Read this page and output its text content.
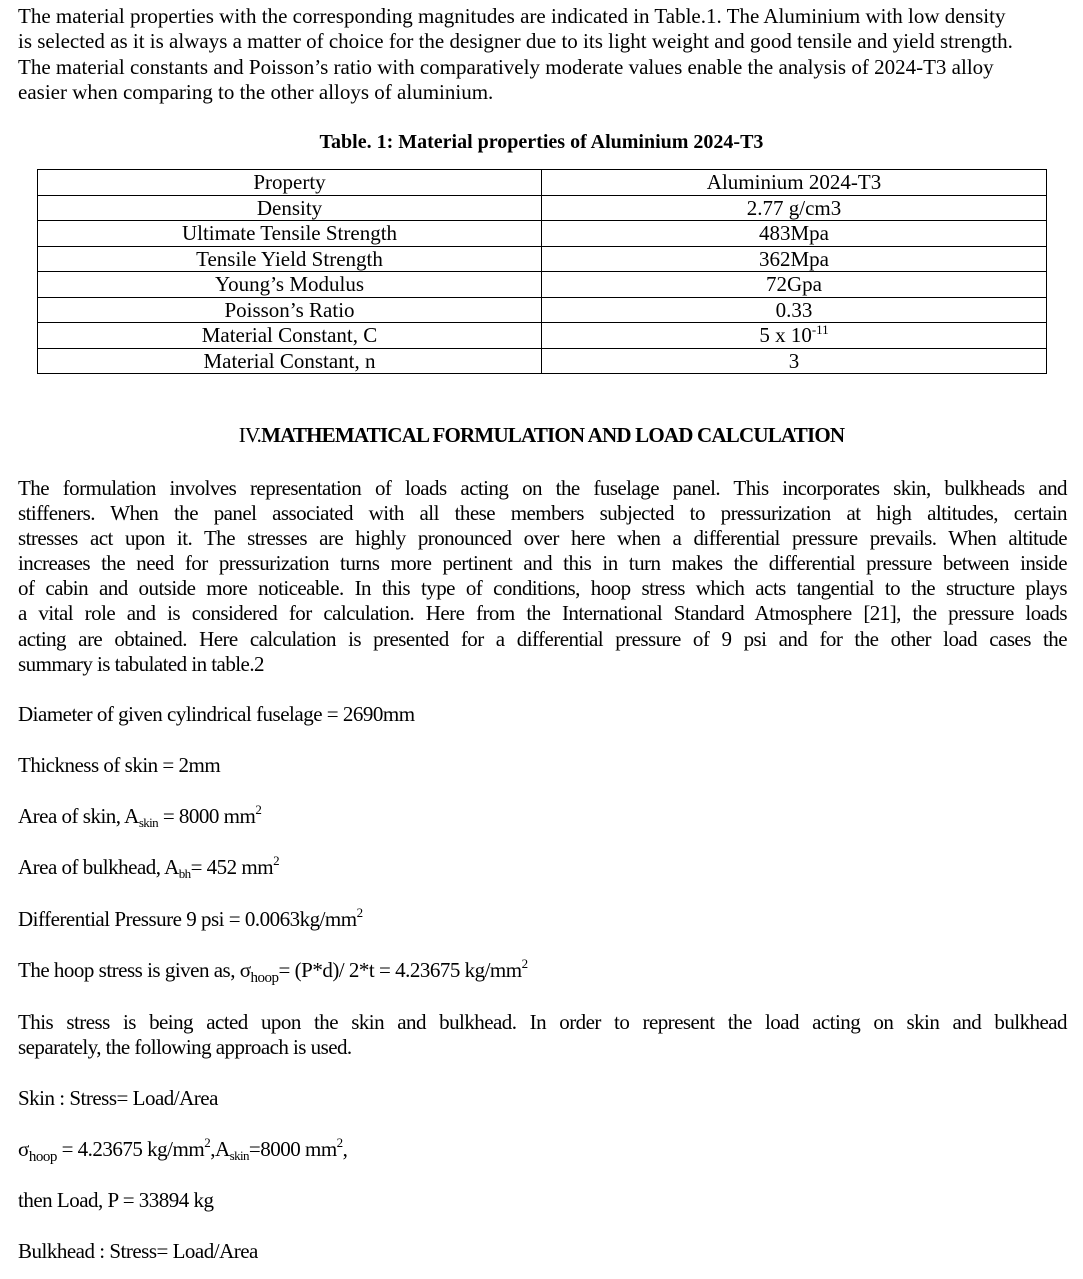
The material properties with the corresponding magnitudes are indicated in Table.1. The Aluminium with low density
is selected as it is always a matter of choice for the designer due to its light weight and good tensile and yield strength.
The material constants and Poisson’s ratio with comparatively moderate values enable the analysis of 2024-T3 alloy
easier when comparing to the other alloys of aluminium.
Table. 1: Material properties of Aluminium 2024-T3
Property	Aluminium 2024-T3
Density	2.77 g/cm3
Ultimate Tensile Strength	483Mpa
Tensile Yield Strength	362Mpa
Young’s Modulus	72Gpa
Poisson’s Ratio	0.33
Material Constant, C	5 x $10^{-11}$
Material Constant, n	3
IV.MATHEMATICAL FORMULATION AND LOAD CALCULATION
The formulation involves representation of loads acting on the fuselage panel. This incorporates skin, bulkheads and
stiffeners. When the panel associated with all these members subjected to pressurization at high altitudes, certain
stresses act upon it. The stresses are highly pronounced over here when a differential pressure prevails. When altitude
increases the need for pressurization turns more pertinent and this in turn makes the differential pressure between inside
of cabin and outside more noticeable. In this type of conditions, hoop stress which acts tangential to the structure plays
a vital role and is considered for calculation. Here from the International Standard Atmosphere [21], the pressure loads
acting are obtained. Here calculation is presented for a differential pressure of 9 psi and for the other load cases the
summary is tabulated in table.2
Diameter of given cylindrical fuselage = 2690mm
Thickness of skin = 2mm
Area of skin, $A_{skin} = 8000$ $mm^2$
Area of bulkhead, $A_{bh}= 452$ $mm^2$
Differential Pressure 9 psi = $0.0063kg/mm^2$
The hoop stress is given as, $\sigma_{hoop}= (P*d)/$ 2*t = 4.23675 $kg/mm^2$
This stress is being acted upon the skin and bulkhead. In order to represent the load acting on skin and bulkhead
separately, the following approach is used.
Skin : Stress= Load/Area
$\sigma_{hoop} = 4.23675$ $kg/mm^2,A_{skin}=8000$ $mm^2$,
then Load, P = 33894 kg
Bulkhead : Stress= Load/Area
